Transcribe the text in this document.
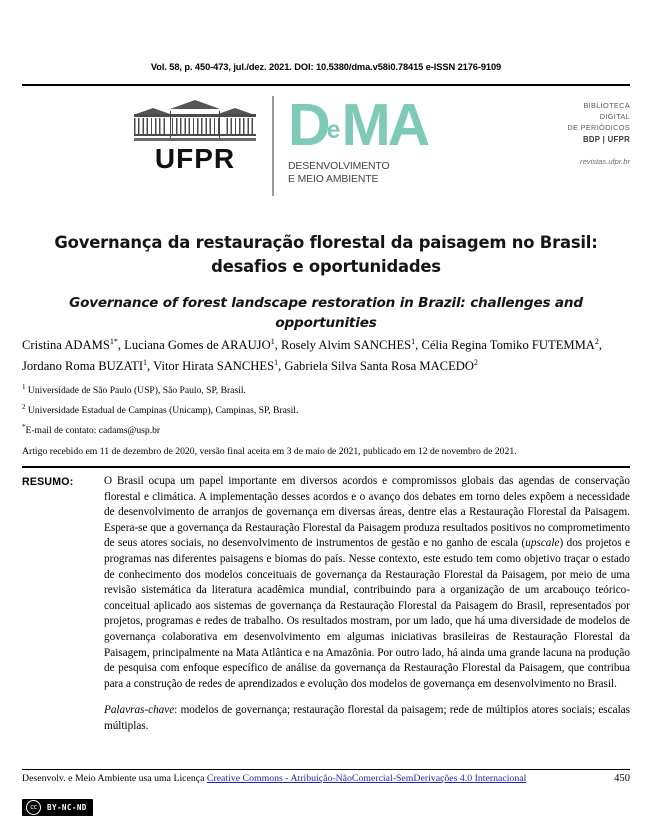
Vol. 58, p. 450-473, jul./dez. 2021. DOI: 10.5380/dma.v58i0.78415 e-ISSN 2176-9109
UFPR
DeMA
DESENVOLVIMENTO
E MEIO AMBIENTE
BIBLIOTECA
DIGITAL
DE PERIÓDICOS
BDP | UFPR
revistas.ufpr.br
Governança da restauração florestal da paisagem no Brasil: desafios e oportunidades
Governance of forest landscape restoration in Brazil: challenges and opportunities
Cristina $ADAMS^{1*}$, Luciana Gomes de ARAUJO$^1$, Rosely Alvim SANCHES$^1$, Célia Regina Tomiko FUTEMMA$^2$, Jordano Roma BUZATI$^1$, Vitor Hirata SANCHES$^1$, Gabriela Silva Santa Rosa MACEDO$^2$
$^1$ Universidade de São Paulo (USP), São Paulo, SP, Brasil.
$^2$ Universidade Estadual de Campinas (Unicamp), Campinas, SP, Brasil.
*E-mail de contato: cadams@usp.br
Artigo recebido em 11 de dezembro de 2020, versão final aceita em 3 de maio de 2021, publicado em 12 de novembro de 2021.
RESUMO:	O Brasil ocupa um papel importante em diversos acordos e compromissos globais das agendas de conservação florestal e climática. A implementação desses acordos e o avanço dos debates em torno deles expõem a necessidade de desenvolvimento de arranjos de governança em diversas áreas, dentre elas a Restauração Florestal da Paisagem. Espera-se que a governança da Restauração Florestal da Paisagem produza resultados positivos no comprometimento de seus atores sociais, no desenvolvimento de instrumentos de gestão e no ganho de escala (upscale) dos projetos e programas nas diferentes paisagens e biomas do país. Nesse contexto, este estudo tem como objetivo traçar o estado de conhecimento dos modelos conceituais de governança da Restauração Florestal da Paisagem, por meio de uma revisão sistemática da literatura acadêmica mundial, contribuindo para a organização de um arcabouço teórico-conceitual aplicado aos sistemas de governança da Restauração Florestal da Paisagem do Brasil, representados por projetos, programas e redes de trabalho. Os resultados mostram, por um lado, que há uma diversidade de modelos de governança colaborativa em desenvolvimento em algumas iniciativas brasileiras de Restauração Florestal da Paisagem, principalmente na Mata Atlântica e na Amazônia. Por outro lado, há ainda uma grande lacuna na produção de pesquisa com enfoque específico de análise da governança da Restauração Florestal da Paisagem, que contribua para a construção de redes de aprendizados e evolução dos modelos de governança em desenvolvimento no Brasil.
Palavras-chave: modelos de governança; restauração florestal da paisagem; rede de múltiplos atores sociais; escalas múltiplas.
Desenvolv. e Meio Ambiente usa uma Licença Creative Commons - Atribuição-NãoComercial-SemDerivações 4.0 Internacional	450
cc	BY-NC-ND
